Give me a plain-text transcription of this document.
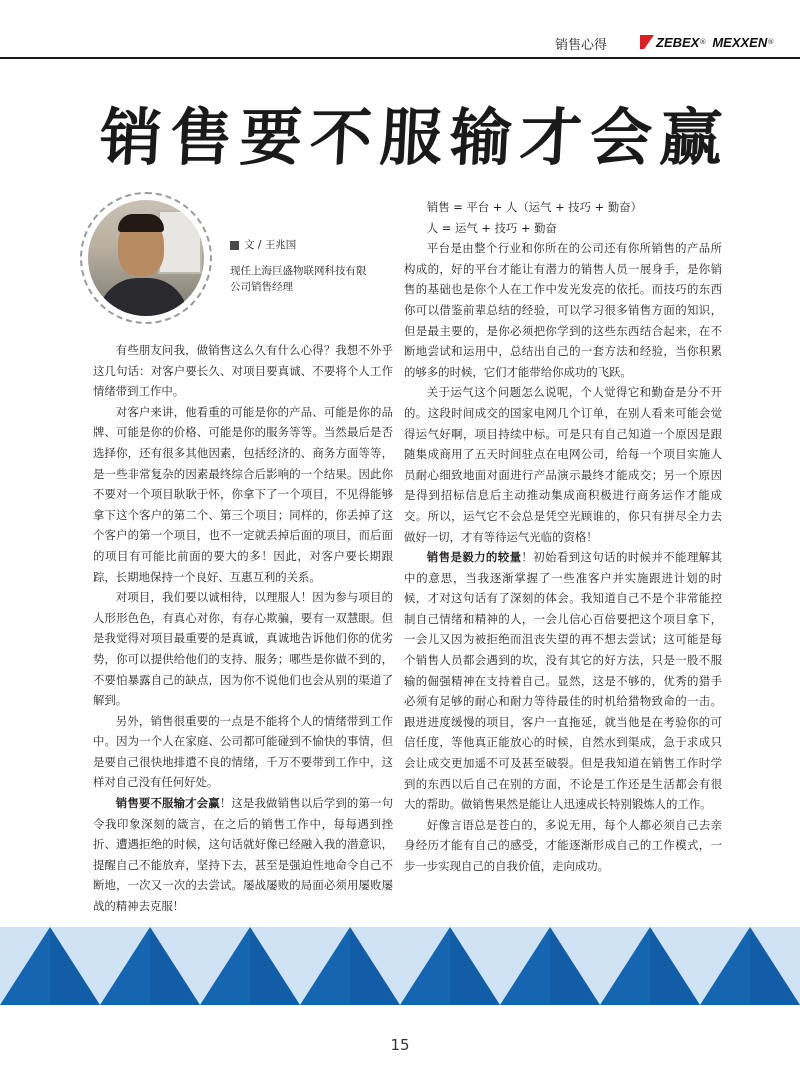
销售心得	ZEBEX ® MEXXEN ®
销售要不服输才会赢
文 / 王兆国
现任上海巨盛物联网科技有限
公司销售经理

有些朋友问我，做销售这么久有什么心得？我想不外乎这几句话：对客户要长久、对项目要真诚、不要将个人工作情绪带到工作中。

对客户来讲，他看重的可能是你的产品、可能是你的品牌、可能是你的价格、可能是你的服务等等。当然最后是否选择你，还有很多其他因素，包括经济的、商务方面等等，是一些非常复杂的因素最终综合后影响的一个结果。因此你不要对一个项目耿耿于怀，你拿下了一个项目，不见得能够拿下这个客户的第二个、第三个项目；同样的，你丢掉了这个客户的第一个项目，也不一定就丢掉后面的项目，而后面的项目有可能比前面的要大的多！因此，对客户要长期跟踪，长期地保持一个良好、互惠互利的关系。

对项目，我们要以诚相待，以理服人！因为参与项目的人形形色色，有真心对你，有存心欺骗，要有一双慧眼。但是我觉得对项目最重要的是真诚，真诚地告诉他们你的优劣势，你可以提供给他们的支持、服务；哪些是你做不到的，不要怕暴露自己的缺点，因为你不说他们也会从别的渠道了解到。

另外，销售很重要的一点是不能将个人的情绪带到工作中。因为一个人在家庭、公司都可能碰到不愉快的事情，但是要自己很快地排遣不良的情绪，千万不要带到工作中，这样对自己没有任何好处。

销售要不服输才会赢！这是我做销售以后学到的第一句令我印象深刻的箴言，在之后的销售工作中，每每遇到挫折、遭遇拒绝的时候，这句话就好像已经融入我的潜意识，提醒自己不能放弃，坚持下去，甚至是强迫性地命令自己不断地，一次又一次的去尝试。屡战屡败的局面必须用屡败屡战的精神去克服！

销售 = 平台 + 人（运气 + 技巧 + 勤奋）

人 = 运气 + 技巧 + 勤奋

平台是由整个行业和你所在的公司还有你所销售的产品所构成的，好的平台才能让有潜力的销售人员一展身手，是你销售的基础也是你个人在工作中发光发亮的依托。而技巧的东西你可以借鉴前辈总结的经验，可以学习很多销售方面的知识，但是最主要的，是你必须把你学到的这些东西结合起来，在不断地尝试和运用中，总结出自己的一套方法和经验，当你积累的够多的时候，它们才能带给你成功的飞跃。

关于运气这个问题怎么说呢，个人觉得它和勤奋是分不开的。这段时间成交的国家电网几个订单，在别人看来可能会觉得运气好啊，项目持续中标。可是只有自己知道一个原因是跟随集成商用了五天时间驻点在电网公司，给每一个项目实施人员耐心细致地面对面进行产品演示最终才能成交；另一个原因是得到招标信息后主动推动集成商积极进行商务运作才能成交。所以，运气它不会总是凭空光顾谁的，你只有拼尽全力去做好一切，才有等待运气光临的资格！

销售是毅力的较量！初始看到这句话的时候并不能理解其中的意思，当我逐渐掌握了一些准客户并实施跟进计划的时候，才对这句话有了深刻的体会。我知道自己不是个非常能控制自己情绪和精神的人，一会儿信心百倍要把这个项目拿下，一会儿又因为被拒绝而沮丧失望的再不想去尝试；这可能是每个销售人员都会遇到的坎，没有其它的好方法，只是一股不服输的倔强精神在支持着自己。显然，这是不够的，优秀的猎手必须有足够的耐心和耐力等待最佳的时机给猎物致命的一击。跟进进度缓慢的项目，客户一直拖延，就当他是在考验你的可信任度，等他真正能放心的时候，自然水到渠成，急于求成只会让成交更加遥不可及甚至破裂。但是我知道在销售工作时学到的东西以后自己在别的方面，不论是工作还是生活都会有很大的帮助。做销售果然是能让人迅速成长特别锻炼人的工作。

好像言语总是苍白的，多说无用，每个人都必须自己去亲身经历才能有自己的感受，才能逐渐形成自己的工作模式，一步一步实现自己的自我价值，走向成功。

15
